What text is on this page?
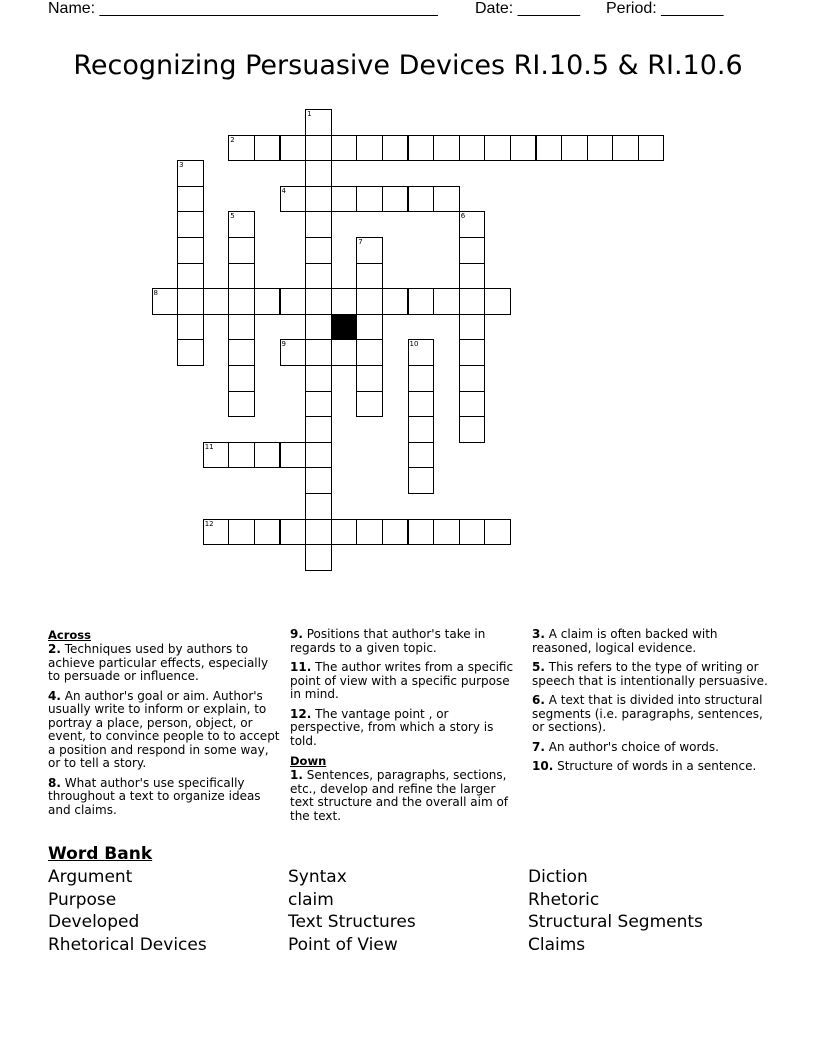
Name: ______________________________________ Date: _______ Period: _______
Recognizing Persuasive Devices RI.10.5 & RI.10.6
1
2
3
4
5	6
7
8
9	10
11
12
Across
2. Techniques used by authors to achieve particular effects, especially to persuade or influence.
4. An author's goal or aim. Author's usually write to inform or explain, to portray a place, person, object, or event, to convince people to to accept a position and respond in some way, or to tell a story.
8. What author's use specifically throughout a text to organize ideas and claims.
9. Positions that author's take in regards to a given topic.
11. The author writes from a specific point of view with a specific purpose in mind.
12. The vantage point , or perspective, from which a story is told.
Down
1. Sentences, paragraphs, sections, etc., develop and refine the larger text structure and the overall aim of the text.
3. A claim is often backed with reasoned, logical evidence.
5. This refers to the type of writing or speech that is intentionally persuasive.
6. A text that is divided into structural segments (i.e. paragraphs, sentences, or sections).
7. An author's choice of words.
10. Structure of words in a sentence.
Word Bank
Argument
Purpose
Developed
Rhetorical Devices
Syntax
claim
Text Structures
Point of View
Diction
Rhetoric
Structural Segments
Claims
